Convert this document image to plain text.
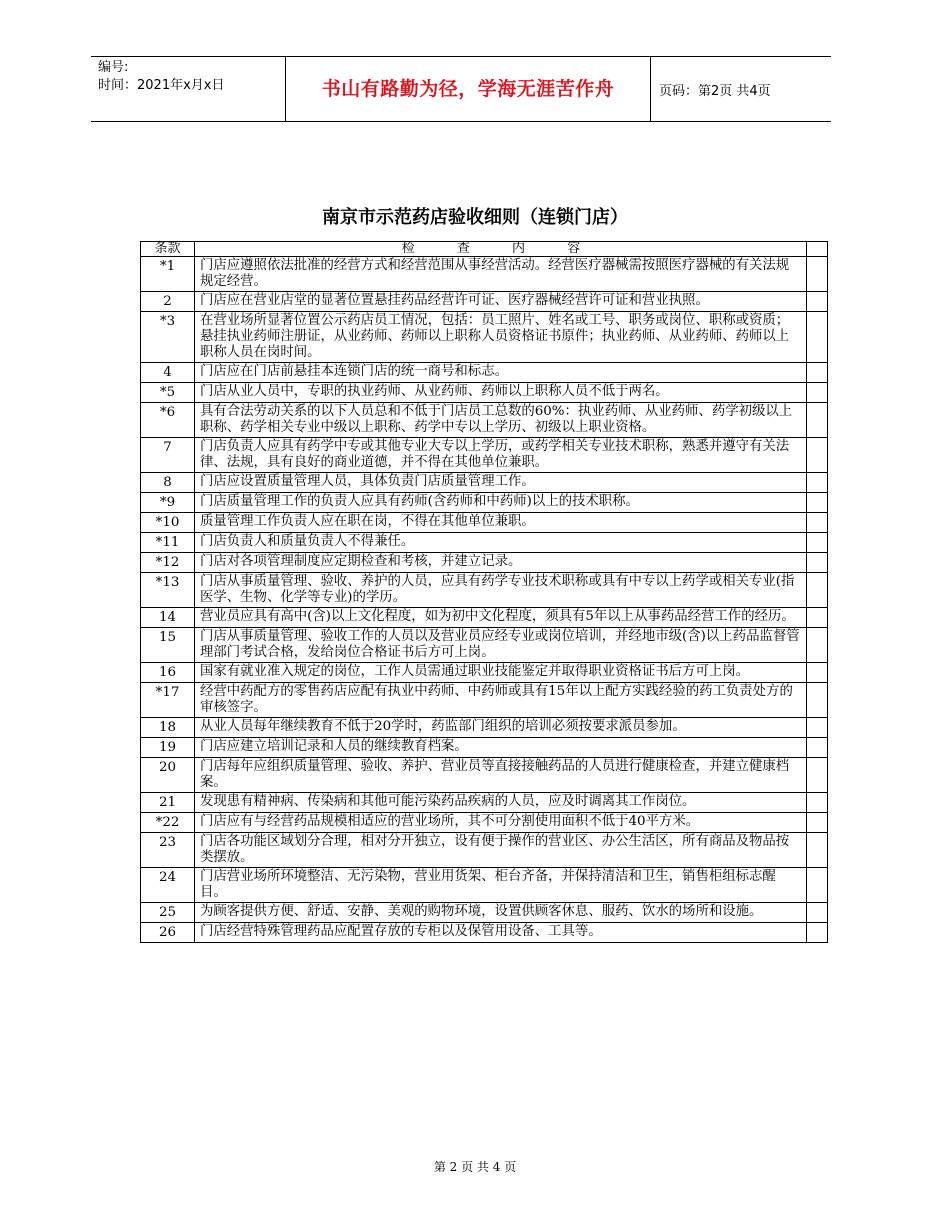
编号:
时间：2021年x月x日	书山有路勤为径，学海无涯苦作舟	页码：第2页 共4页
南京市示范药店验收细则（连锁门店）
条款	检 查 内 容	
*1	门店应遵照依法批准的经营方式和经营范围从事经营活动。经营医疗器械需按照医疗器械的有关法规规定经营。	
2	门店应在营业店堂的显著位置悬挂药品经营许可证、医疗器械经营许可证和营业执照。	
*3	在营业场所显著位置公示药店员工情况，包括：员工照片、姓名或工号、职务或岗位、职称或资质；悬挂执业药师注册证，从业药师、药师以上职称人员资格证书原件；执业药师、从业药师、药师以上职称人员在岗时间。	
4	门店应在门店前悬挂本连锁门店的统一商号和标志。	
*5	门店从业人员中，专职的执业药师、从业药师、药师以上职称人员不低于两名。	
*6	具有合法劳动关系的以下人员总和不低于门店员工总数的60%：执业药师、从业药师、药学初级以上职称、药学相关专业中级以上职称、药学中专以上学历、初级以上职业资格。	
7	门店负责人应具有药学中专或其他专业大专以上学历，或药学相关专业技术职称，熟悉并遵守有关法律、法规，具有良好的商业道德，并不得在其他单位兼职。	
8	门店应设置质量管理人员，具体负责门店质量管理工作。	
*9	门店质量管理工作的负责人应具有药师(含药师和中药师)以上的技术职称。	
*10	质量管理工作负责人应在职在岗，不得在其他单位兼职。	
*11	门店负责人和质量负责人不得兼任。	
*12	门店对各项管理制度应定期检查和考核，并建立记录。	
*13	门店从事质量管理、验收、养护的人员，应具有药学专业技术职称或具有中专以上药学或相关专业(指医学、生物、化学等专业)的学历。	
14	营业员应具有高中(含)以上文化程度，如为初中文化程度，须具有5年以上从事药品经营工作的经历。	
15	门店从事质量管理、验收工作的人员以及营业员应经专业或岗位培训，并经地市级(含)以上药品监督管理部门考试合格，发给岗位合格证书后方可上岗。	
16	国家有就业准入规定的岗位，工作人员需通过职业技能鉴定并取得职业资格证书后方可上岗。	
*17	经营中药配方的零售药店应配有执业中药师、中药师或具有15年以上配方实践经验的药工负责处方的审核签字。	
18	从业人员每年继续教育不低于20学时，药监部门组织的培训必须按要求派员参加。	
19	门店应建立培训记录和人员的继续教育档案。	
20	门店每年应组织质量管理、验收、养护、营业员等直接接触药品的人员进行健康检查，并建立健康档案。	
21	发现患有精神病、传染病和其他可能污染药品疾病的人员，应及时调离其工作岗位。	
*22	门店应有与经营药品规模相适应的营业场所，其不可分割使用面积不低于40平方米。	
23	门店各功能区域划分合理，相对分开独立，设有便于操作的营业区、办公生活区，所有商品及物品按类摆放。	
24	门店营业场所环境整洁、无污染物，营业用货架、柜台齐备，并保持清洁和卫生，销售柜组标志醒目。	
25	为顾客提供方便、舒适、安静、美观的购物环境，设置供顾客休息、服药、饮水的场所和设施。	
26	门店经营特殊管理药品应配置存放的专柜以及保管用设备、工具等。	
第 2 页 共 4 页
